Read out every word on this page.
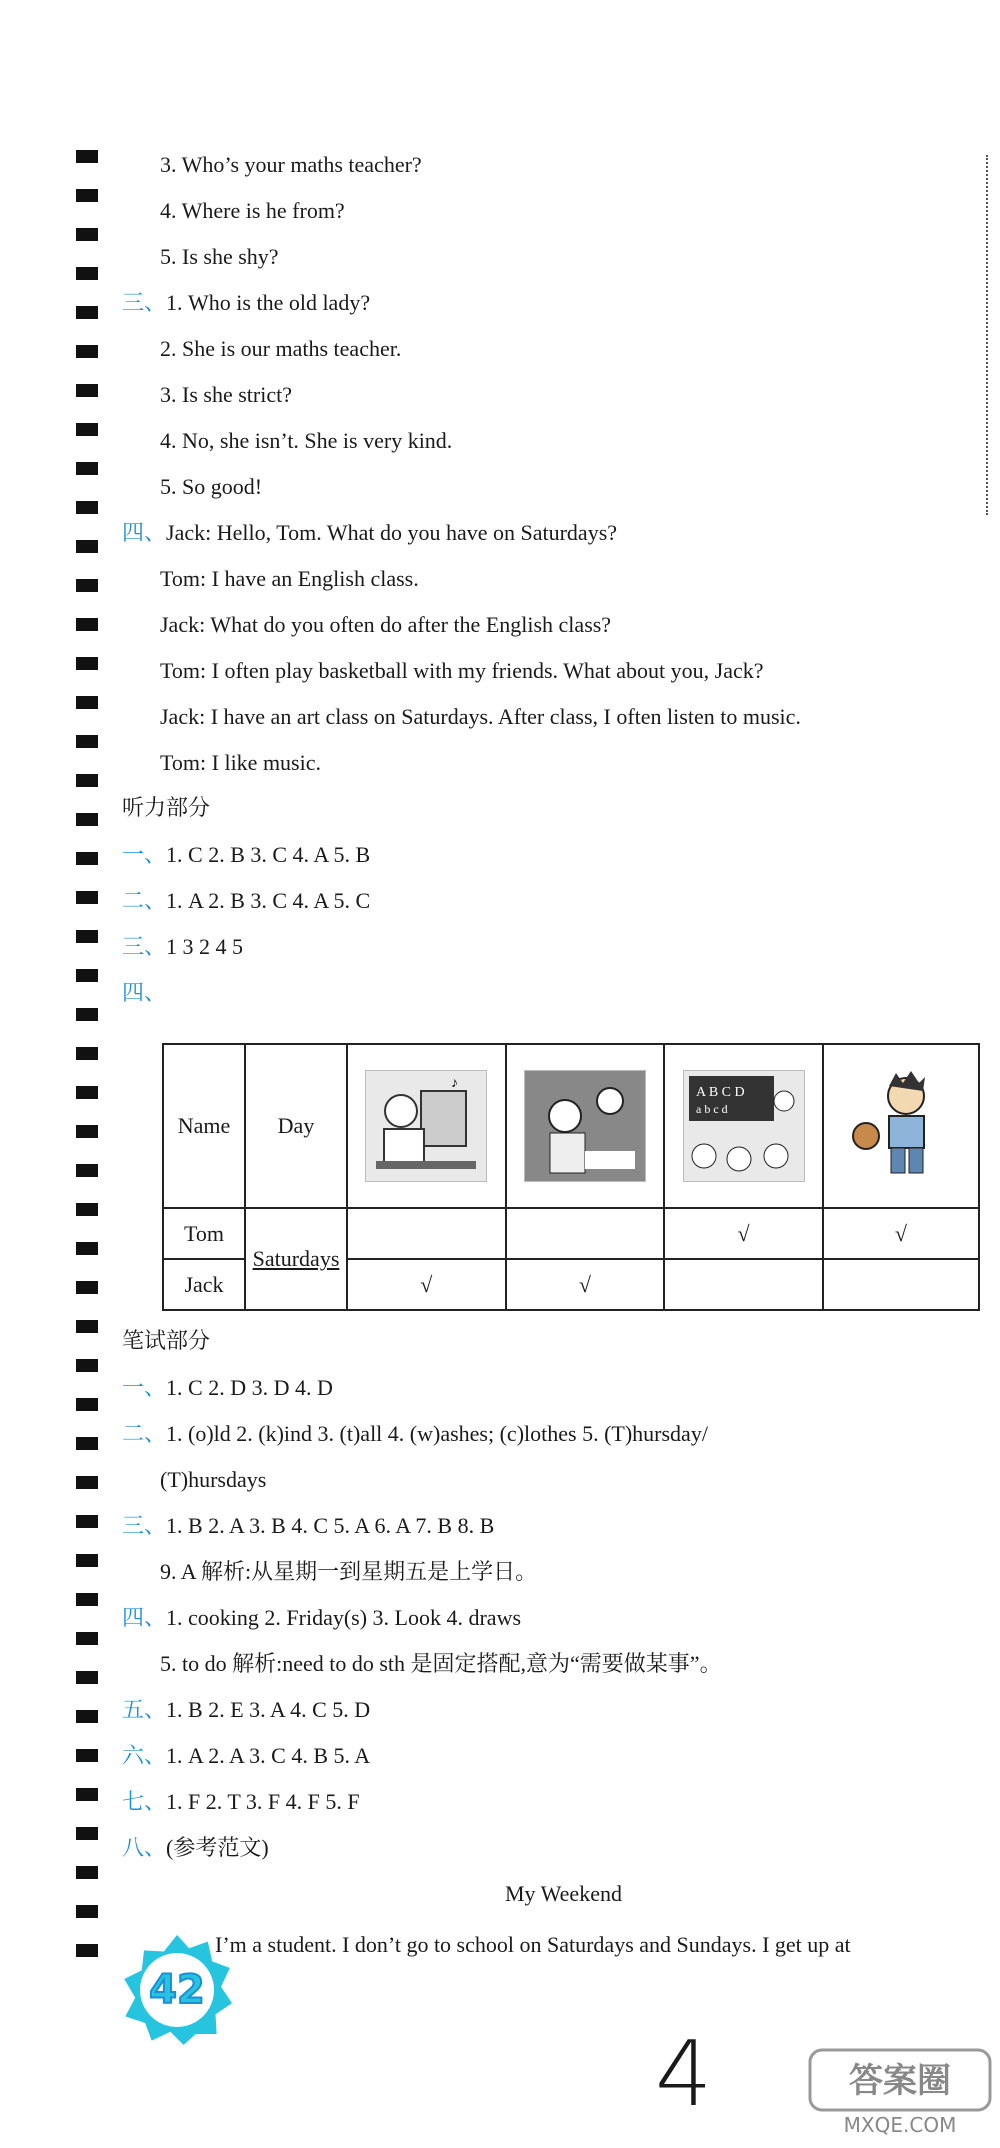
3. Who’s your maths teacher?
4. Where is he from?
5. Is she shy?
三、1. Who is the old lady?
2. She is our maths teacher.
3. Is she strict?
4. No, she isn’t. She is very kind.
5. So good!
四、Jack: Hello, Tom. What do you have on Saturdays?
Tom: I have an English class.
Jack: What do you often do after the English class?
Tom: I often play basketball with my friends. What about you, Jack?
Jack: I have an art class on Saturdays. After class, I often listen to music.
Tom: I like music.
听力部分
一、1. C 2. B 3. C 4. A 5. B
二、1. A 2. B 3. C 4. A 5. C
三、1 3 2 4 5
四、
Name	Day	♪		A B C D
a b c d

Tom	Saturdays			√	√
Jack		√	√		
笔试部分
一、1. C 2. D 3. D 4. D
二、1. (o)ld 2. (k)ind 3. (t)all 4. (w)ashes; (c)lothes 5. (T)hursday/
(T)hursdays
三、1. B 2. A 3. B 4. C 5. A 6. A 7. B 8. B
9. A 解析:从星期一到星期五是上学日。
四、1. cooking 2. Friday(s) 3. Look 4. draws
5. to do 解析:need to do sth 是固定搭配,意为“需要做某事”。
五、1. B 2. E 3. A 4. C 5. D
六、1. A 2. A 3. C 4. B 5. A
七、1. F 2. T 3. F 4. F 5. F
八、(参考范文)
My Weekend
I’m a student. I don’t go to school on Saturdays and Sundays. I get up at
42
4	答案圈
MXQE.COM
